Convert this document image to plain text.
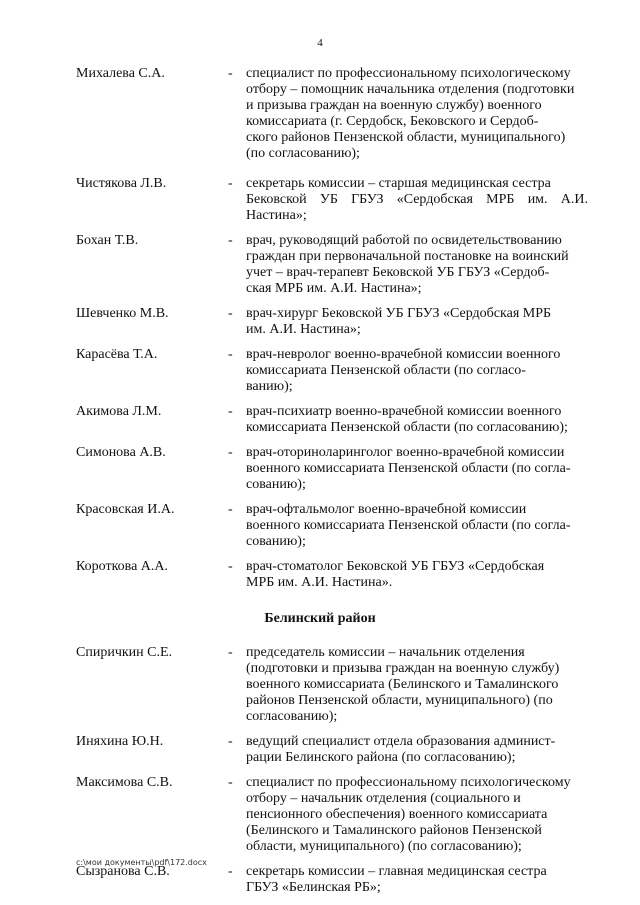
4
Михалева С.А.	- специалист по профессиональному психологическому
отбору – помощник начальника отделения (подготовки
и призыва граждан на военную службу) военного
комиссариата (г. Сердобск, Бековского и Сердоб-
ского районов Пензенской области, муниципального)
(по согласованию);
Чистякова Л.В.	- секретарь комиссии – старшая медицинская сестра
Бековской УБ ГБУЗ «Сердобская МРБ им. А.И. Настина»;
Бохан Т.В.	- врач, руководящий работой по освидетельствованию
граждан при первоначальной постановке на воинский
учет – врач-терапевт Бековской УБ ГБУЗ «Сердоб-
ская МРБ им. А.И. Настина»;
Шевченко М.В.	- врач-хирург Бековской УБ ГБУЗ «Сердобская МРБ
им. А.И. Настина»;
Карасёва Т.А.	- врач-невролог военно-врачебной комиссии военного
комиссариата Пензенской области (по согласо-
ванию);
Акимова Л.М.	- врач-психиатр военно-врачебной комиссии военного
комиссариата Пензенской области (по согласованию);
Симонова А.В.	- врач-оториноларинголог военно-врачебной комиссии
военного комиссариата Пензенской области (по согла-
сованию);
Красовская И.А.	- врач-офтальмолог военно-врачебной комиссии
военного комиссариата Пензенской области (по согла-
сованию);
Короткова А.А.	- врач-стоматолог Бековской УБ ГБУЗ «Сердобская
МРБ им. А.И. Настина».
Белинский район
Спиричкин С.Е.	- председатель комиссии – начальник отделения
(подготовки и призыва граждан на военную службу)
военного комиссариата (Белинского и Тамалинского
районов Пензенской области, муниципального) (по
согласованию);
Иняхина Ю.Н.	- ведущий специалист отдела образования админист-
рации Белинского района (по согласованию);
Максимова С.В.	- специалист по профессиональному психологическому
отбору – начальник отделения (социального и
пенсионного обеспечения) военного комиссариата
(Белинского и Тамалинского районов Пензенской
области, муниципального) (по согласованию);
Сызранова С.В.	- секретарь комиссии – главная медицинская сестра
ГБУЗ «Белинская РБ»;
c:\мои документы\pdf\172.docx
